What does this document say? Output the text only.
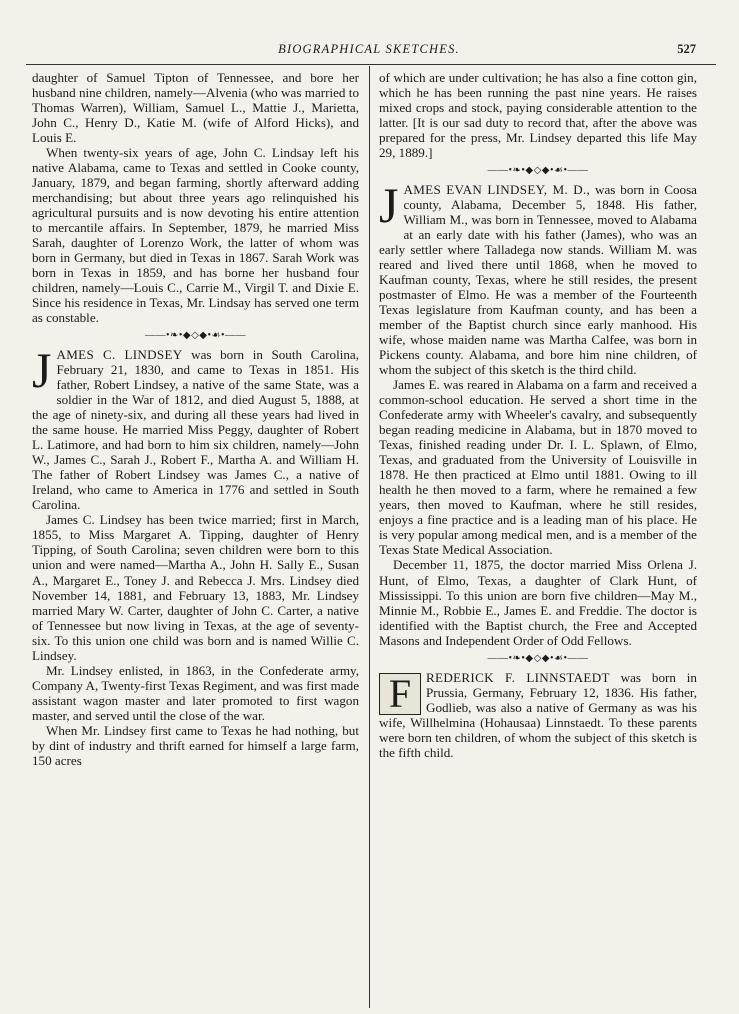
BIOGRAPHICAL SKETCHES.	527

daughter of Samuel Tipton of Tennessee, and bore her husband nine children, namely—Alvenia (who was married to Thomas Warren), William, Samuel L., Mattie J., Marietta, John C., Henry D., Katie M. (wife of Alford Hicks), and Louis E.

When twenty-six years of age, John C. Lindsay left his native Alabama, came to Texas and settled in Cooke county, January, 1879, and began farming, shortly afterward adding merchandising; but about three years ago relinquished his agricultural pursuits and is now devoting his entire attention to mercantile affairs. In September, 1879, he married Miss Sarah, daughter of Lorenzo Work, the latter of whom was born in Germany, but died in Texas in 1867. Sarah Work was born in Texas in 1859, and has borne her husband four children, namely—Louis C., Carrie M., Virgil T. and Dixie E. Since his residence in Texas, Mr. Lindsay has served one term as constable.

——•❧•◆◇◆•☙•——

JAMES C. LINDSEY was born in South Carolina, February 21, 1830, and came to Texas in 1851. His father, Robert Lindsey, a native of the same State, was a soldier in the War of 1812, and died August 5, 1888, at the age of ninety-six, and during all these years had lived in the same house. He married Miss Peggy, daughter of Robert L. Latimore, and had born to him six children, namely—John W., James C., Sarah J., Robert F., Martha A. and William H. The father of Robert Lindsey was James C., a native of Ireland, who came to America in 1776 and settled in South Carolina.

James C. Lindsey has been twice married; first in March, 1855, to Miss Margaret A. Tipping, daughter of Henry Tipping, of South Carolina; seven children were born to this union and were named—Martha A., John H. Sally E., Susan A., Margaret E., Toney J. and Rebecca J. Mrs. Lindsey died November 14, 1881, and February 13, 1883, Mr. Lindsey married Mary W. Carter, daughter of John C. Carter, a native of Tennessee but now living in Texas, at the age of seventy-six. To this union one child was born and is named Willie C. Lindsey.

Mr. Lindsey enlisted, in 1863, in the Confederate army, Company A, Twenty-first Texas Regiment, and was first made assistant wagon master and later promoted to first wagon master, and served until the close of the war.

When Mr. Lindsey first came to Texas he had nothing, but by dint of industry and thrift earned for himself a large farm, 150 acres

of which are under cultivation; he has also a fine cotton gin, which he has been running the past nine years. He raises mixed crops and stock, paying considerable attention to the latter. [It is our sad duty to record that, after the above was prepared for the press, Mr. Lindsey departed this life May 29, 1889.]

——•❧•◆◇◆•☙•——

JAMES EVAN LINDSEY, M. D., was born in Coosa county, Alabama, December 5, 1848. His father, William M., was born in Tennessee, moved to Alabama at an early date with his father (James), who was an early settler where Talladega now stands. William M. was reared and lived there until 1868, when he moved to Kaufman county, Texas, where he still resides, the present postmaster of Elmo. He was a member of the Fourteenth Texas legislature from Kaufman county, and has been a member of the Baptist church since early manhood. His wife, whose maiden name was Martha Calfee, was born in Pickens county. Alabama, and bore him nine children, of whom the subject of this sketch is the third child.

James E. was reared in Alabama on a farm and received a common-school education. He served a short time in the Confederate army with Wheeler's cavalry, and subsequently began reading medicine in Alabama, but in 1870 moved to Texas, finished reading under Dr. I. L. Splawn, of Elmo, Texas, and graduated from the University of Louisville in 1878. He then practiced at Elmo until 1881. Owing to ill health he then moved to a farm, where he remained a few years, then moved to Kaufman, where he still resides, enjoys a fine practice and is a leading man of his place. He is very popular among medical men, and is a member of the Texas State Medical Association.

December 11, 1875, the doctor married Miss Orlena J. Hunt, of Elmo, Texas, a daughter of Clark Hunt, of Mississippi. To this union are born five children—May M., Minnie M., Robbie E., James E. and Freddie. The doctor is identified with the Baptist church, the Free and Accepted Masons and Independent Order of Odd Fellows.

——•❧•◆◇◆•☙•——

F	REDERICK F. LINNSTAEDT was born in Prussia, Germany, February 12, 1836. His father, Godlieb, was also a native of Germany as was his wife, Willhelmina (Hohausaa) Linnstaedt. To these parents were born ten children, of whom the subject of this sketch is the fifth child.
